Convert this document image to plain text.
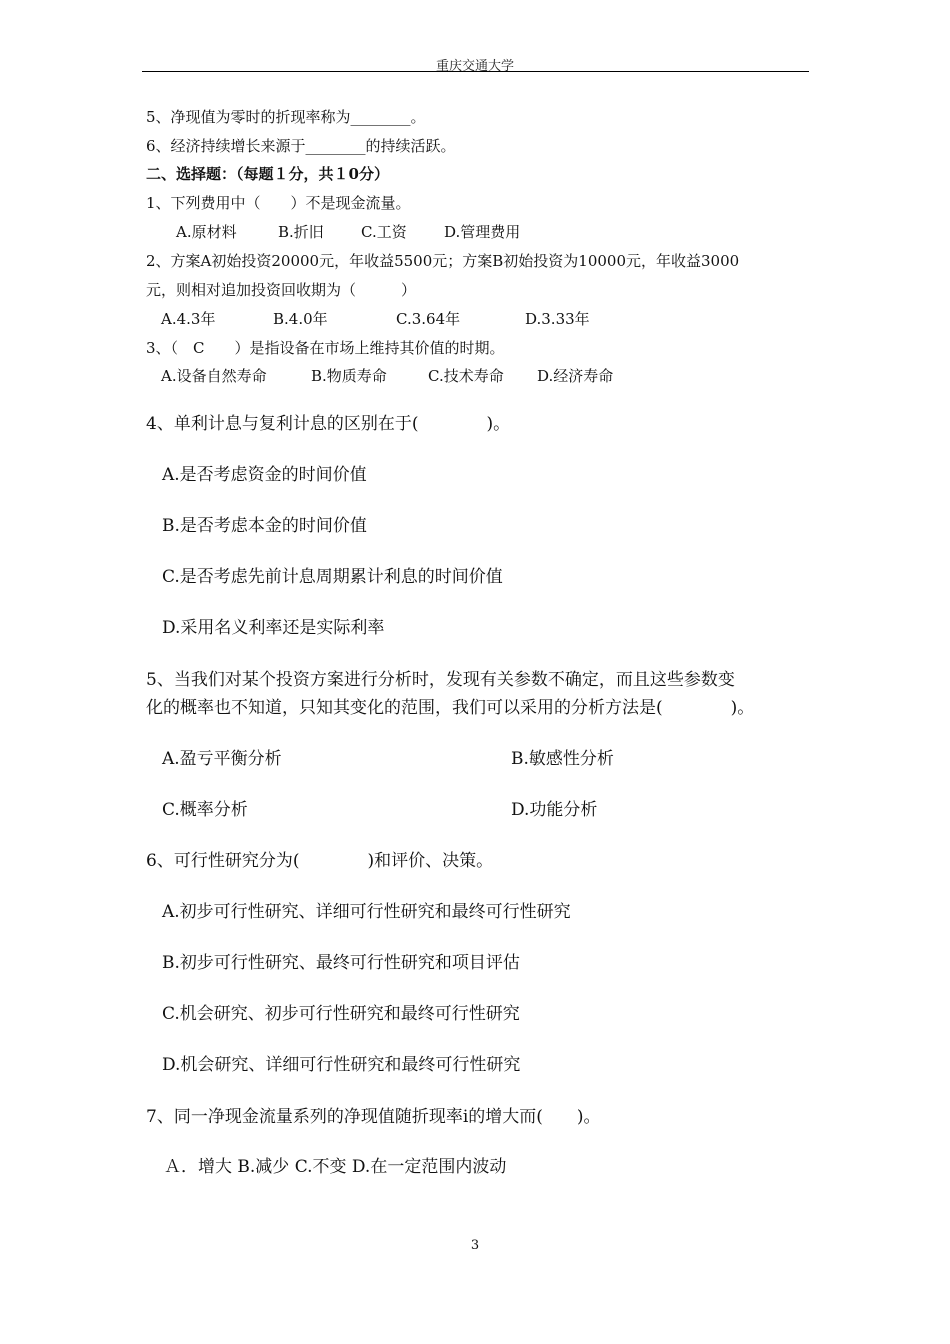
重庆交通大学
5、净现值为零时的折现率称为________。
6、经济持续增长来源于________的持续活跃。
二、选择题：（每题１分，共１0分）
1、下列费用中（　　）不是现金流量。
A.原材料	B.折旧 C.工资 D.管理费用
2、方案A初始投资20000元，年收益5500元；方案B初始投资为10000元，年收益3000
元，则相对追加投资回收期为（　　　）
A.4.3年	B.4.0年	C.3.64年	D.3.33年
3、（　C　　）是指设备在市场上维持其价值的时期。
A.设备自然寿命	B.物质寿命	C.技术寿命 D.经济寿命
4、单利计息与复利计息的区别在于(　　　　)。
A.是否考虑资金的时间价值
B.是否考虑本金的时间价值
C.是否考虑先前计息周期累计利息的时间价值
D.采用名义利率还是实际利率
5、当我们对某个投资方案进行分析时，发现有关参数不确定，而且这些参数变
化的概率也不知道，只知其变化的范围，我们可以采用的分析方法是(　　　　)。
A.盈亏平衡分析	B.敏感性分析
C.概率分析	D.功能分析
6、可行性研究分为(　　　　)和评价、决策。
A.初步可行性研究、详细可行性研究和最终可行性研究
B.初步可行性研究、最终可行性研究和项目评估
C.机会研究、初步可行性研究和最终可行性研究
D.机会研究、详细可行性研究和最终可行性研究
7、同一净现金流量系列的净现值随折现率i的增大而(　　)。
Ａ．增大 B.减少 C.不变 D.在一定范围内波动
3
